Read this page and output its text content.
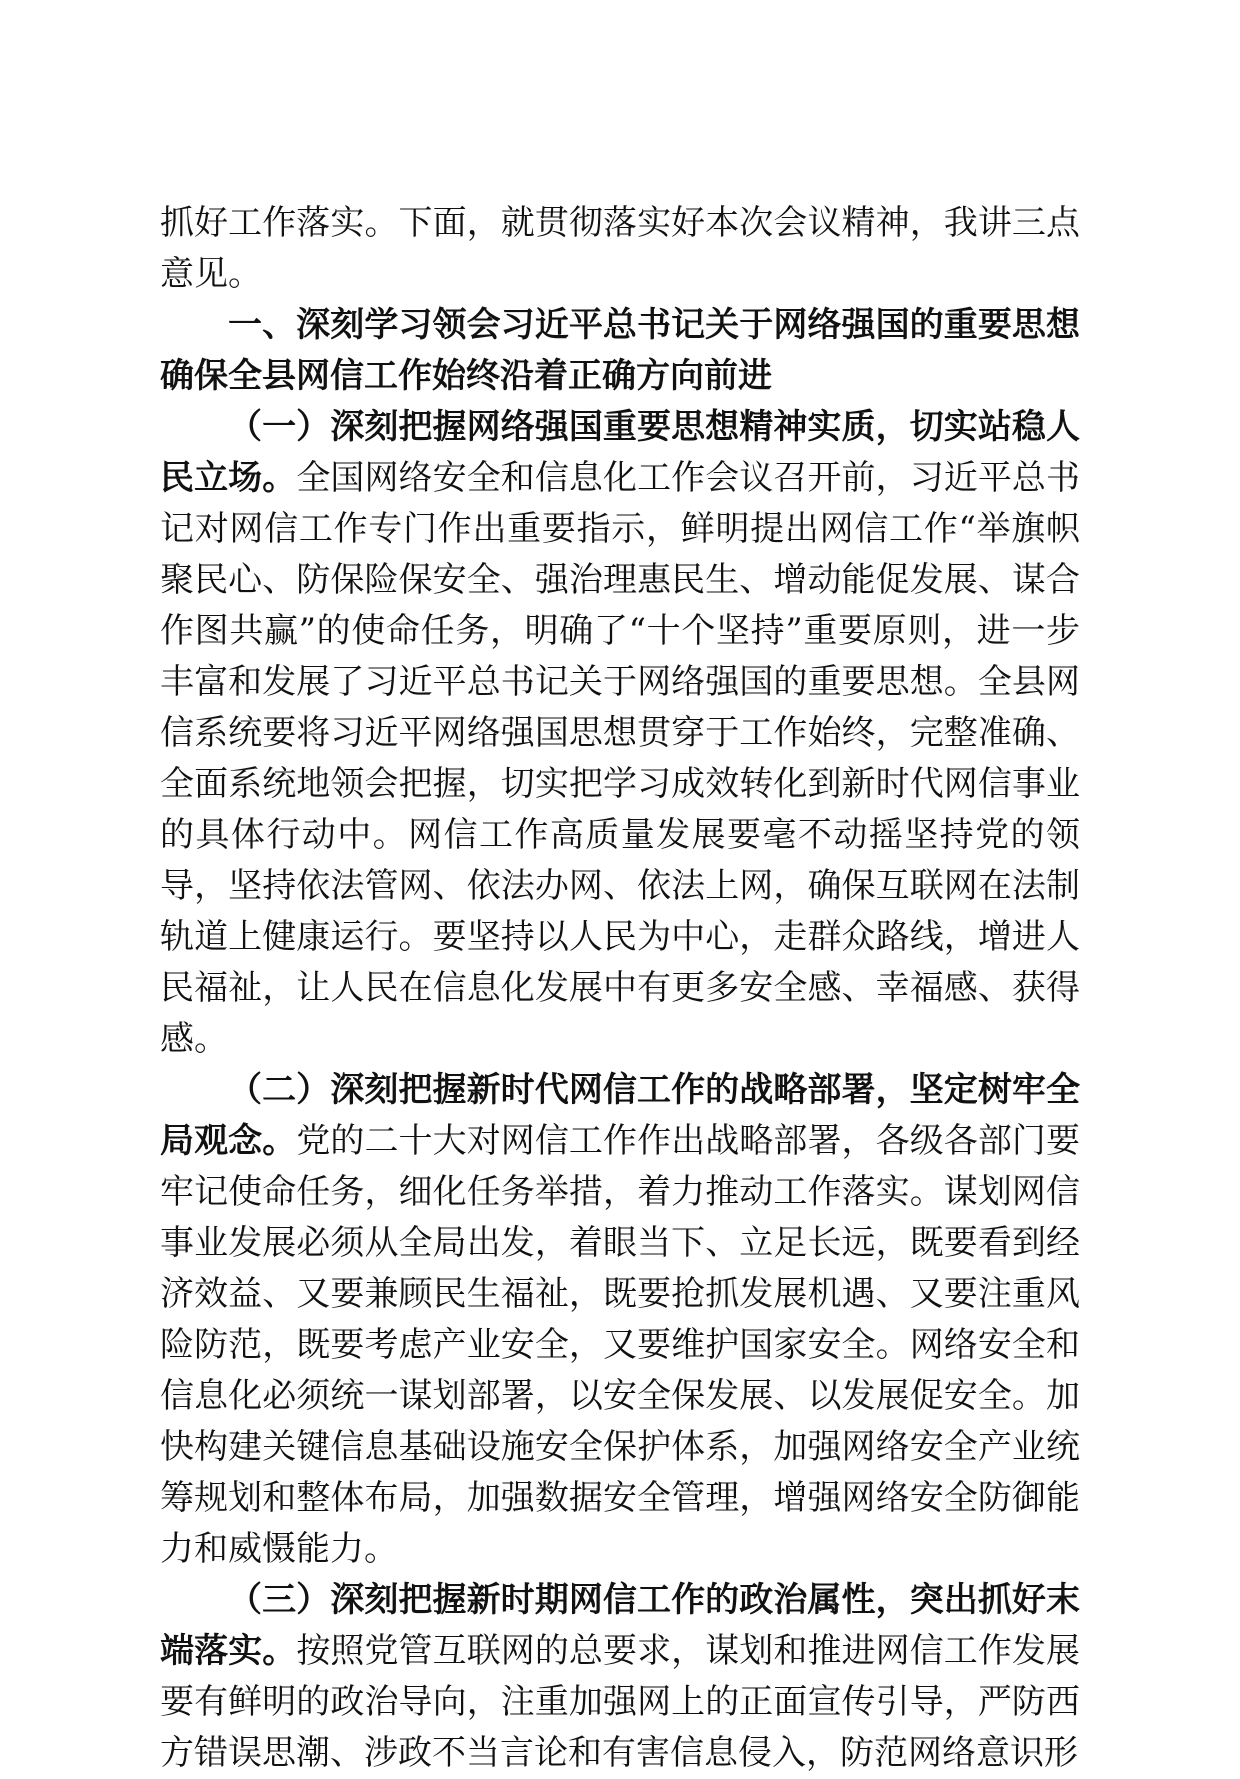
抓好工作落实。下面，就贯彻落实好本次会议精神，我讲三点意见。

一、深刻学习领会习近平总书记关于网络强国的重要思想确保全县网信工作始终沿着正确方向前进

（一）深刻把握网络强国重要思想精神实质，切实站稳人民立场。全国网络安全和信息化工作会议召开前，习近平总书记对网信工作专门作出重要指示，鲜明提出网信工作“举旗帜聚民心、防保险保安全、强治理惠民生、增动能促发展、谋合作图共赢”的使命任务，明确了“十个坚持”重要原则，进一步丰富和发展了习近平总书记关于网络强国的重要思想。全县网信系统要将习近平网络强国思想贯穿于工作始终，完整准确、全面系统地领会把握，切实把学习成效转化到新时代网信事业的具体行动中。网信工作高质量发展要毫不动摇坚持党的领导，坚持依法管网、依法办网、依法上网，确保互联网在法制轨道上健康运行。要坚持以人民为中心，走群众路线，增进人民福祉，让人民在信息化发展中有更多安全感、幸福感、获得感。

（二）深刻把握新时代网信工作的战略部署，坚定树牢全局观念。党的二十大对网信工作作出战略部署，各级各部门要牢记使命任务，细化任务举措，着力推动工作落实。谋划网信事业发展必须从全局出发，着眼当下、立足长远，既要看到经济效益、又要兼顾民生福祉，既要抢抓发展机遇、又要注重风险防范，既要考虑产业安全，又要维护国家安全。网络安全和信息化必须统一谋划部署，以安全保发展、以发展促安全。加快构建关键信息基础设施安全保护体系，加强网络安全产业统筹规划和整体布局，加强数据安全管理，增强网络安全防御能力和威慑能力。

（三）深刻把握新时期网信工作的政治属性，突出抓好末端落实。按照党管互联网的总要求，谋划和推进网信工作发展要有鲜明的政治导向，注重加强网上的正面宣传引导，严防西方错误思潮、涉政不当言论和有害信息侵入，防范网络意识形
